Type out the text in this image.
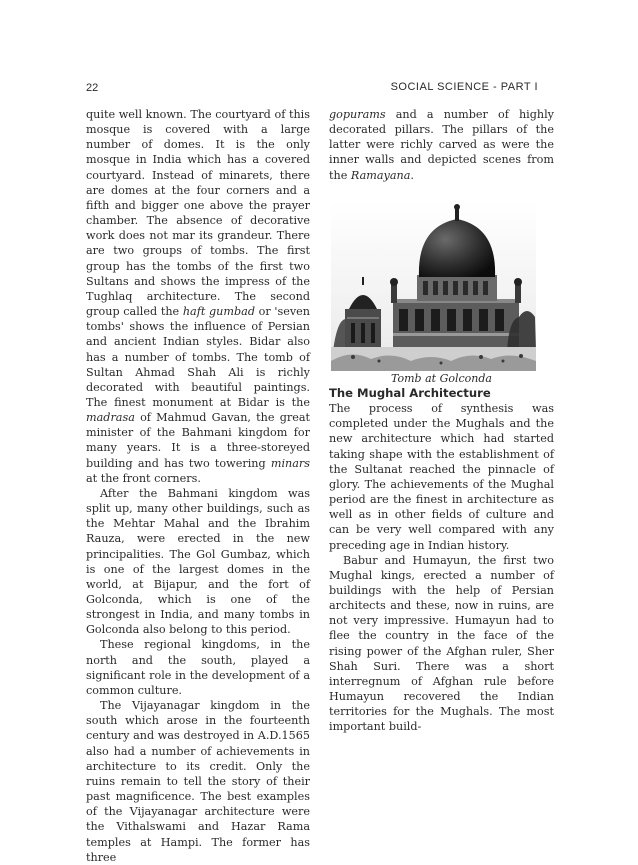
22	SOCIAL SCIENCE - PART I

quite well known. The courtyard of this mosque is covered with a large number of domes. It is the only mosque in India which has a covered courtyard. Instead of minarets, there are domes at the four corners and a fifth and bigger one above the prayer chamber. The absence of decorative work does not mar its grandeur. There are two groups of tombs. The first group has the tombs of the first two Sultans and shows the impress of the Tughlaq architecture. The second group called the haft gumbad or 'seven tombs' shows the influence of Persian and ancient Indian styles. Bidar also has a number of tombs. The tomb of Sultan Ahmad Shah Ali is richly decorated with beautiful paintings. The finest monument at Bidar is the madrasa of Mahmud Gavan, the great minister of the Bahmani kingdom for many years. It is a three-storeyed building and has two towering minars at the front corners.

After the Bahmani kingdom was split up, many other buildings, such as the Mehtar Mahal and the Ibrahim Rauza, were erected in the new principalities. The Gol Gumbaz, which is one of the largest domes in the world, at Bijapur, and the fort of Golconda, which is one of the strongest in India, and many tombs in Golconda also belong to this period.

These regional kingdoms, in the north and the south, played a significant role in the development of a common culture.

The Vijayanagar kingdom in the south which arose in the fourteenth century and was destroyed in A.D.1565 also had a number of achievements in architecture to its credit. Only the ruins remain to tell the story of their past magnificence. The best examples of the Vijayanagar architecture were the Vithalswami and Hazar Rama temples at Hampi. The former has three

gopurams and a number of highly decorated pillars. The pillars of the latter were richly carved as were the inner walls and depicted scenes from the Ramayana.

Tomb at Golconda

The Mughal Architecture

The process of synthesis was completed under the Mughals and the new architecture which had started taking shape with the establishment of the Sultanat reached the pinnacle of glory. The achievements of the Mughal period are the finest in architecture as well as in other fields of culture and can be very well compared with any preceding age in Indian history.

Babur and Humayun, the first two Mughal kings, erected a number of buildings with the help of Persian architects and these, now in ruins, are not very impressive. Humayun had to flee the country in the face of the rising power of the Afghan ruler, Sher Shah Suri. There was a short interregnum of Afghan rule before Humayun recovered the Indian territories for the Mughals. The most important build-
